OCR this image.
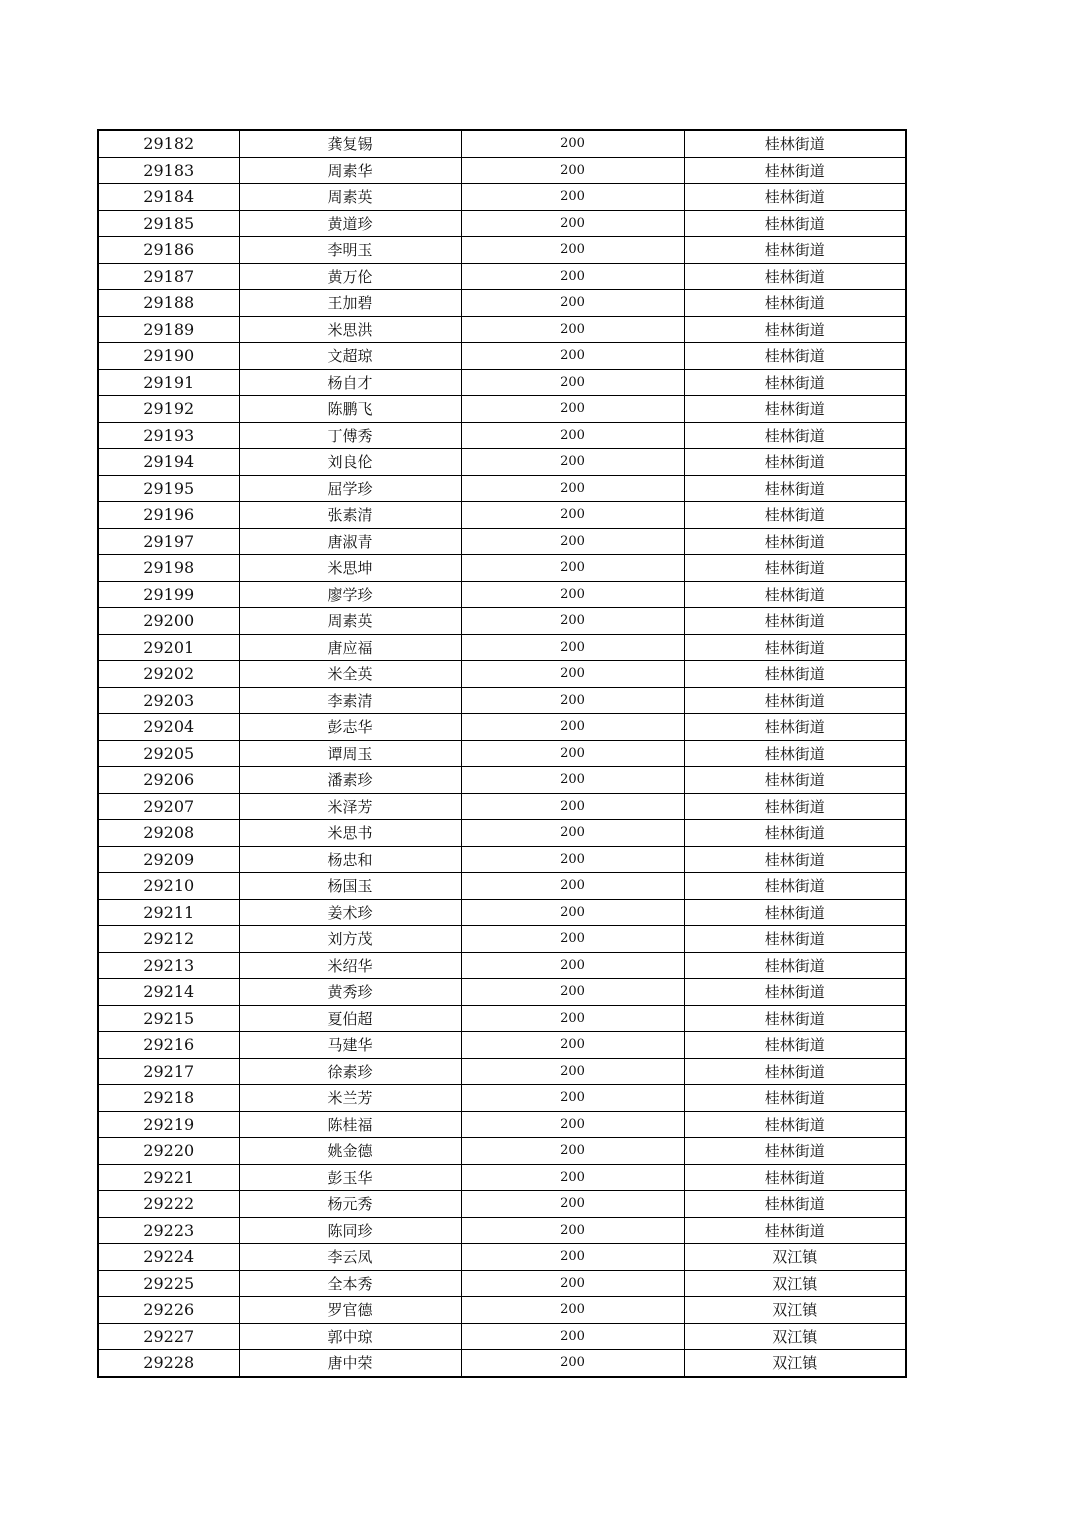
29182	龚复锡	200	桂林街道
29183	周素华	200	桂林街道
29184	周素英	200	桂林街道
29185	黄道珍	200	桂林街道
29186	李明玉	200	桂林街道
29187	黄万伦	200	桂林街道
29188	王加碧	200	桂林街道
29189	米思洪	200	桂林街道
29190	文超琼	200	桂林街道
29191	杨自才	200	桂林街道
29192	陈鹏飞	200	桂林街道
29193	丁傅秀	200	桂林街道
29194	刘良伦	200	桂林街道
29195	屈学珍	200	桂林街道
29196	张素清	200	桂林街道
29197	唐淑青	200	桂林街道
29198	米思坤	200	桂林街道
29199	廖学珍	200	桂林街道
29200	周素英	200	桂林街道
29201	唐应福	200	桂林街道
29202	米全英	200	桂林街道
29203	李素清	200	桂林街道
29204	彭志华	200	桂林街道
29205	谭周玉	200	桂林街道
29206	潘素珍	200	桂林街道
29207	米泽芳	200	桂林街道
29208	米思书	200	桂林街道
29209	杨忠和	200	桂林街道
29210	杨国玉	200	桂林街道
29211	姜术珍	200	桂林街道
29212	刘方茂	200	桂林街道
29213	米绍华	200	桂林街道
29214	黄秀珍	200	桂林街道
29215	夏伯超	200	桂林街道
29216	马建华	200	桂林街道
29217	徐素珍	200	桂林街道
29218	米兰芳	200	桂林街道
29219	陈桂福	200	桂林街道
29220	姚金德	200	桂林街道
29221	彭玉华	200	桂林街道
29222	杨元秀	200	桂林街道
29223	陈同珍	200	桂林街道
29224	李云凤	200	双江镇
29225	全本秀	200	双江镇
29226	罗官德	200	双江镇
29227	郭中琼	200	双江镇
29228	唐中荣	200	双江镇
